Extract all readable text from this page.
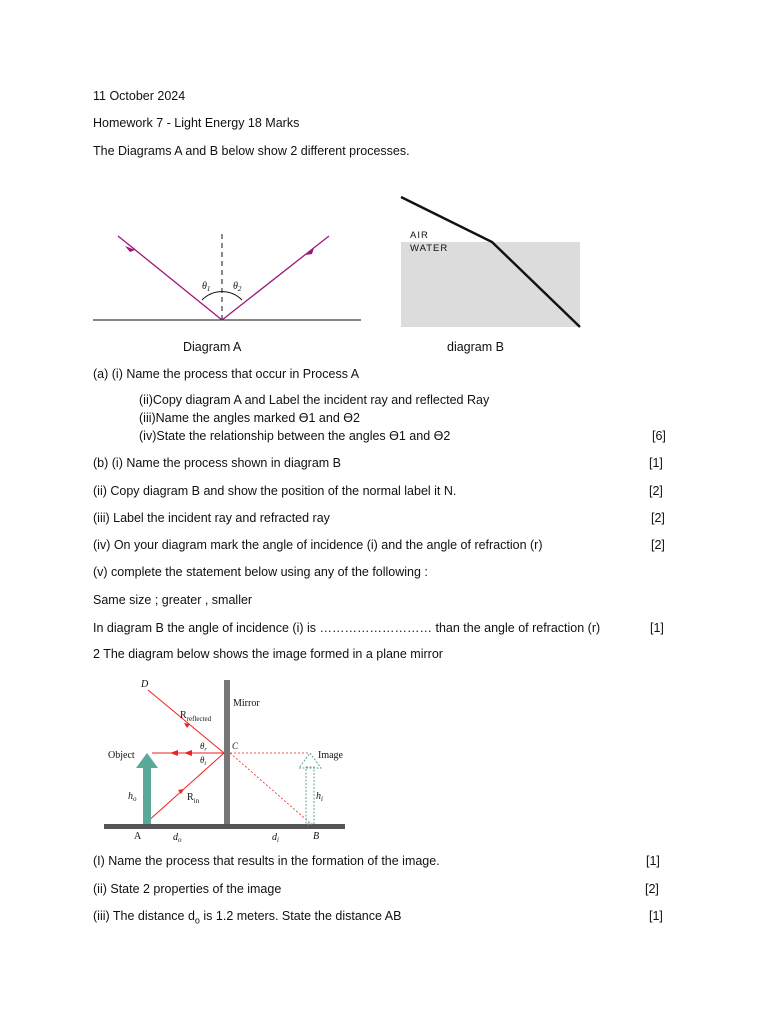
11 October 2024
Homework 7 - Light Energy 18 Marks
The Diagrams A and B below show 2 different processes.
$\theta_1$ $\theta_2$
Diagram A
AIR
WATER
diagram B
(a) (i) Name the process that occur in Process A
(ii)Copy diagram A and Label the incident ray and reflected Ray
(iii)Name the angles marked ϴ1 and ϴ2
(iv)State the relationship between the angles ϴ1 and ϴ2	[6]
(b) (i) Name the process shown in diagram B	[1]
(ii) Copy diagram B and show the position of the normal label it N.	[2]
(iii) Label the incident ray and refracted ray	[2]
(iv) On your diagram mark the angle of incidence (i) and the angle of refraction (r)	[2]
(v) complete the statement below using any of the following :
Same size ; greater , smaller
In diagram B the angle of incidence (i) is ……………………… than the angle of refraction (r)	[1]
2 The diagram below shows the image formed in a plane mirror
D
Mirror
$R_{reflected}$
Object
$\theta_r$
$\theta_i$
C
Image
$h_o$	$R_{in}$	$h_i$
A	$d_o$	$d_i$	B
(I) Name the process that results in the formation of the image.	[1]
(ii) State 2 properties of the image	[2]
(iii) The distance $d_o$ is 1.2 meters. State the distance AB	[1]
